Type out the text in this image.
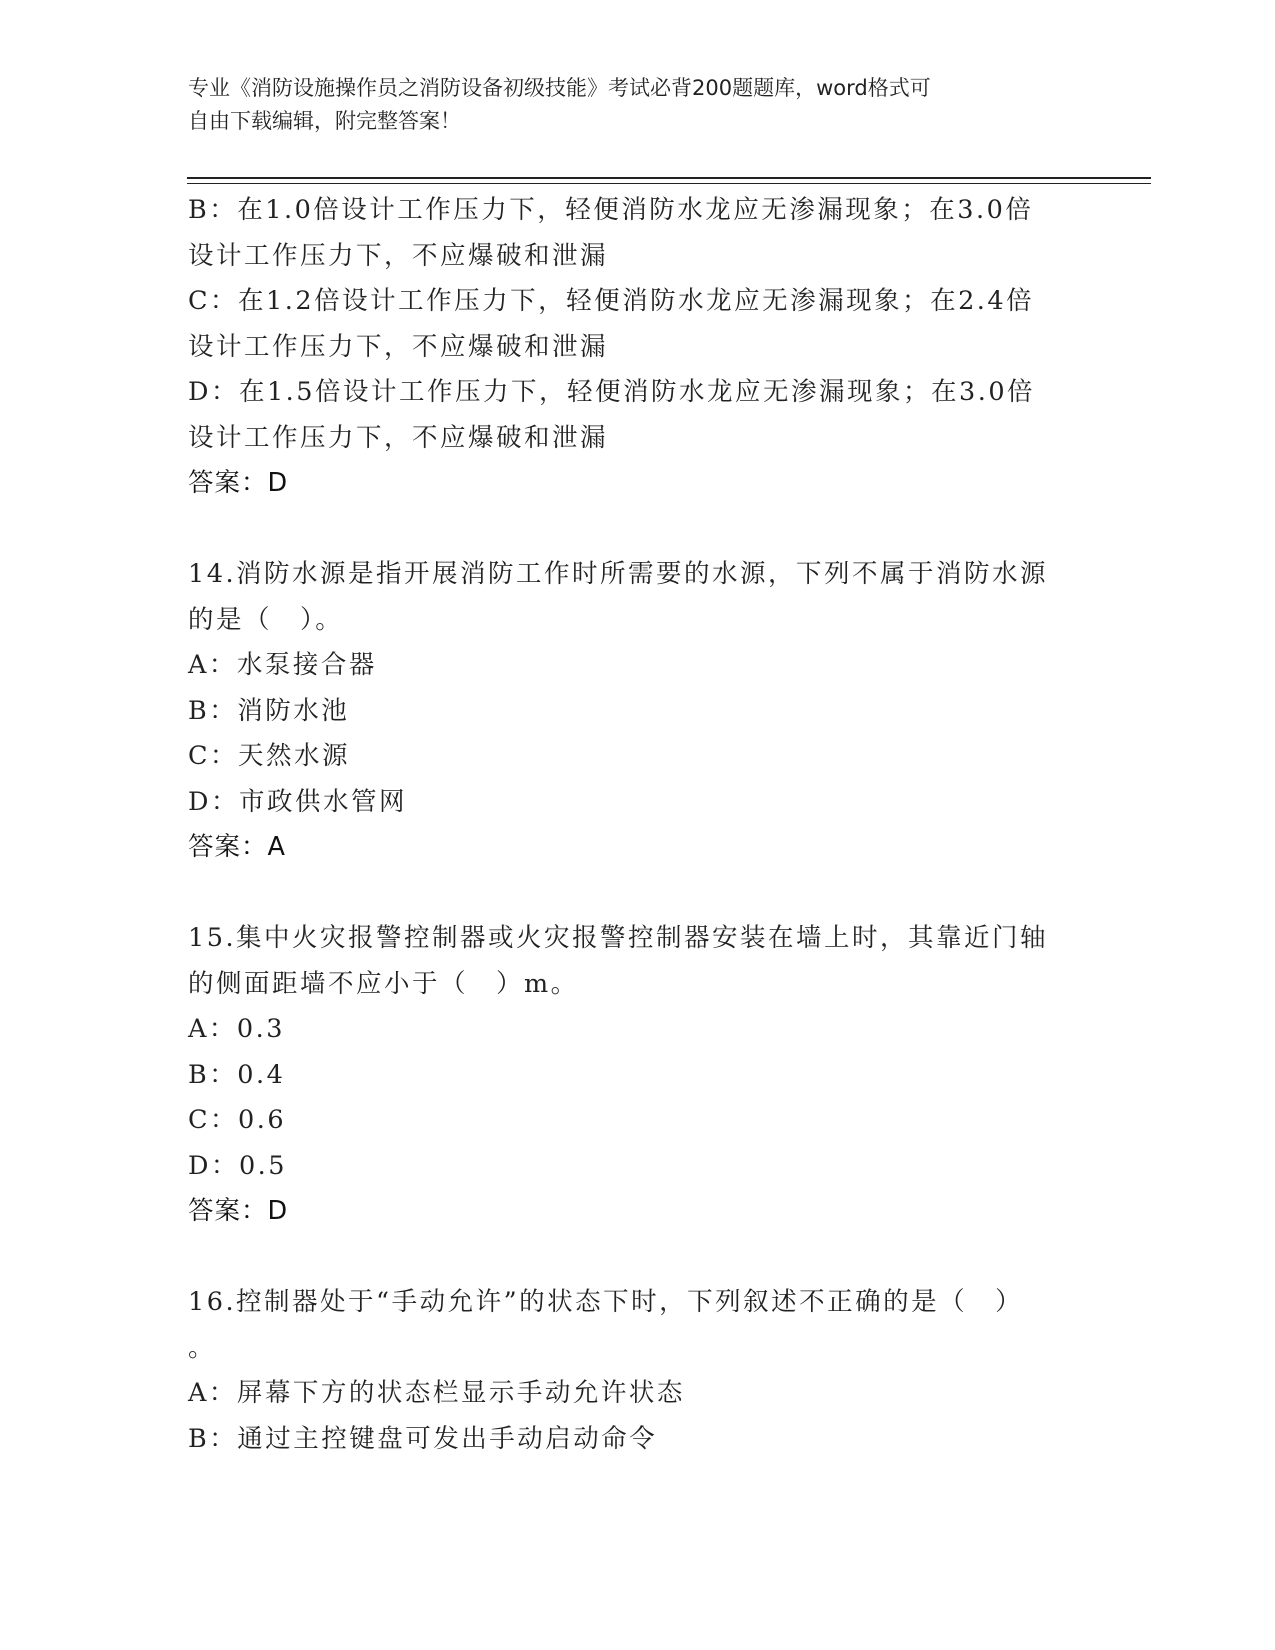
专业《消防设施操作员之消防设备初级技能》考试必背200题题库，word格式可
自由下载编辑，附完整答案！
B：在1.0倍设计工作压力下，轻便消防水龙应无渗漏现象；在3.0倍
设计工作压力下，不应爆破和泄漏
C：在1.2倍设计工作压力下，轻便消防水龙应无渗漏现象；在2.4倍
设计工作压力下，不应爆破和泄漏
D：在1.5倍设计工作压力下，轻便消防水龙应无渗漏现象；在3.0倍
设计工作压力下，不应爆破和泄漏
答案：D
14.消防水源是指开展消防工作时所需要的水源，下列不属于消防水源
的是（　）。
A：水泵接合器
B：消防水池
C：天然水源
D：市政供水管网
答案：A
15.集中火灾报警控制器或火灾报警控制器安装在墙上时，其靠近门轴
的侧面距墙不应小于（　）m。
A：0.3
B：0.4
C：0.6
D：0.5
答案：D
16.控制器处于“手动允许”的状态下时，下列叙述不正确的是（　）
。
A：屏幕下方的状态栏显示手动允许状态
B：通过主控键盘可发出手动启动命令
